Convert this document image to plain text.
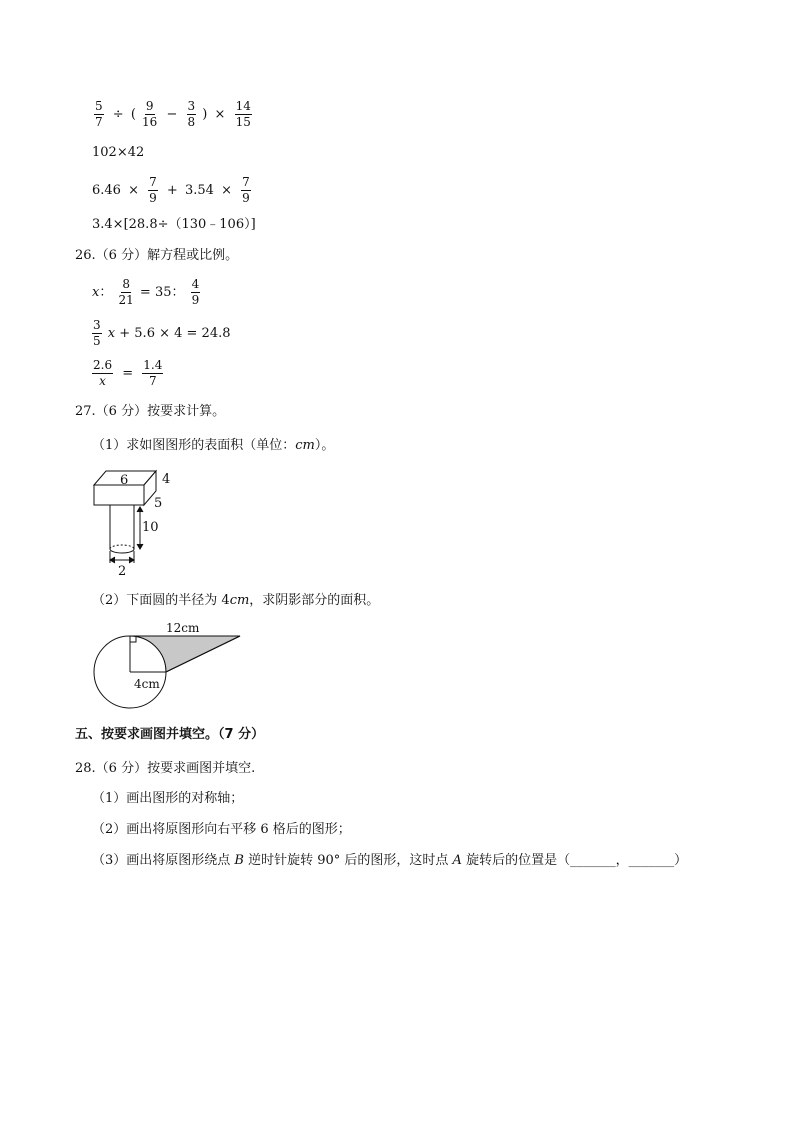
$\frac{5}{7}$ ÷ ( $\frac{9}{16} - \frac{3}{8}$ ) × $\frac{14}{15}$
102×42
$6.46 \times \frac{7}{9} + 3.54 \times \frac{7}{9}$
3.4×[28.8÷（130﹣106）]
26.（6 分）解方程或比例。
x： $\frac{8}{21} = 35$： $\frac{4}{9}$
$\frac{3}{5}$ x + 5.6 × 4 = 24.8
$\frac{2.6}{x} = \frac{1.4}{7}$
27.（6 分）按要求计算。
（1）求如图图形的表面积（单位：cm）。
6	4
5
10
2
（2）下面圆的半径为 4cm，求阴影部分的面积。
12cm
4cm
五、按要求画图并填空。（7 分）
28.（6 分）按要求画图并填空.
（1）画出图形的对称轴；
（2）画出将原图形向右平移 6 格后的图形；
（3）画出将原图形绕点 B 逆时针旋转 90° 后的图形，这时点 A 旋转后的位置是（_______，_______）
